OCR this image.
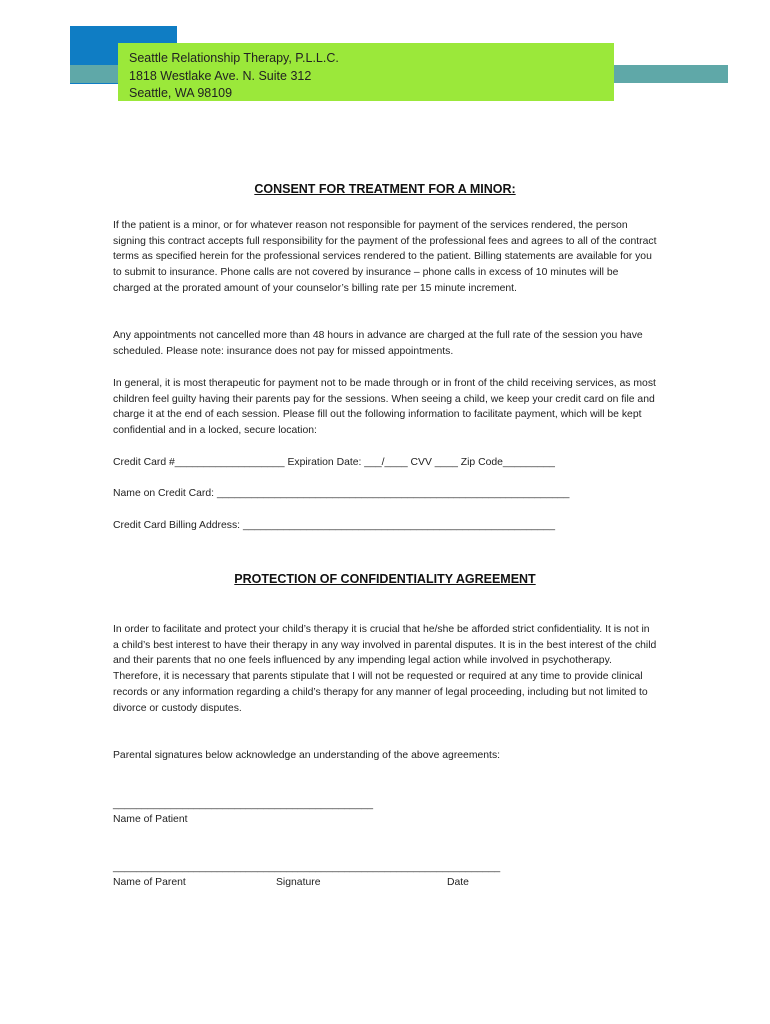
Seattle Relationship Therapy, P.L.L.C.
1818 Westlake Ave. N. Suite 312
Seattle, WA 98109
CONSENT FOR TREATMENT FOR A MINOR:
If the patient is a minor, or for whatever reason not responsible for payment of the services rendered, the person signing this contract accepts full responsibility for the payment of the professional fees and agrees to all of the contract terms as specified herein for the professional services rendered to the patient. Billing statements are available for you to submit to insurance. Phone calls are not covered by insurance – phone calls in excess of 10 minutes will be charged at the prorated amount of your counselor’s billing rate per 15 minute increment.
Any appointments not cancelled more than 48 hours in advance are charged at the full rate of the session you have scheduled. Please note: insurance does not pay for missed appointments.
In general, it is most therapeutic for payment not to be made through or in front of the child receiving services, as most children feel guilty having their parents pay for the sessions. When seeing a child, we keep your credit card on file and charge it at the end of each session. Please fill out the following information to facilitate payment, which will be kept confidential and in a locked, secure location:
Credit Card #___________________ Expiration Date: ___/____ CVV ____ Zip Code_________
Name on Credit Card: _____________________________________________________________
Credit Card Billing Address: ______________________________________________________
PROTECTION OF CONFIDENTIALITY AGREEMENT
In order to facilitate and protect your child’s therapy it is crucial that he/she be afforded strict confidentiality. It is not in a child’s best interest to have their therapy in any way involved in parental disputes. It is in the best interest of the child and their parents that no one feels influenced by any impending legal action while involved in psychotherapy. Therefore, it is necessary that parents stipulate that I will not be requested or required at any time to provide clinical records or any information regarding a child’s therapy for any manner of legal proceeding, including but not limited to divorce or custody disputes.
Parental signatures below acknowledge an understanding of the above agreements:
_____________________________________________
Name of Patient
___________________________________________________________________
Name of Parent	Signature	Date
